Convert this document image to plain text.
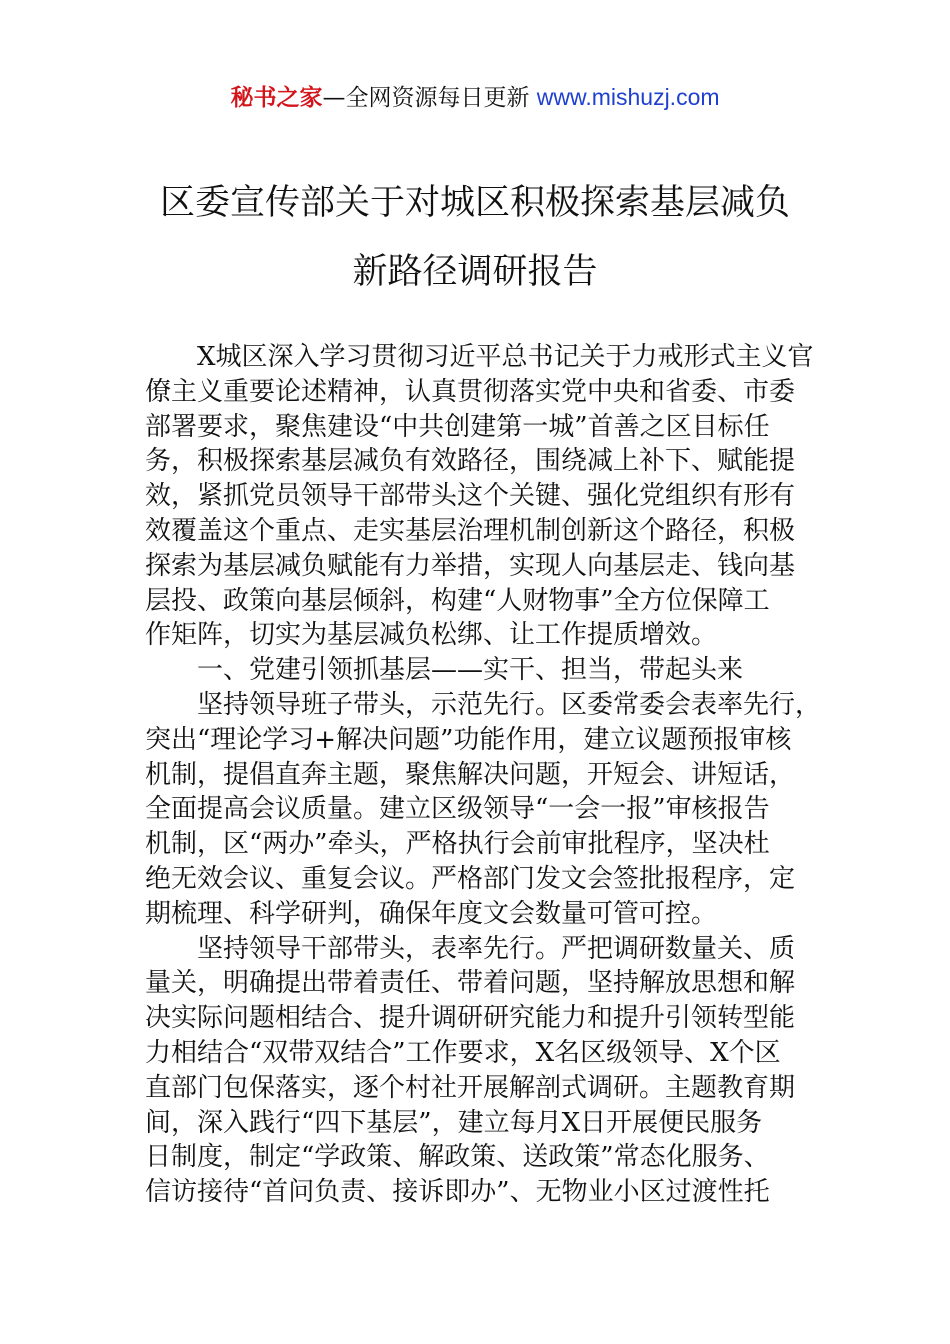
秘书之家—全网资源每日更新 www.mishuzj.com
区委宣传部关于对城区积极探索基层减负
新路径调研报告
X城区深入学习贯彻习近平总书记关于力戒形式主义官
僚主义重要论述精神，认真贯彻落实党中央和省委、市委
部署要求，聚焦建设“中共创建第一城”首善之区目标任
务，积极探索基层减负有效路径，围绕减上补下、赋能提
效，紧抓党员领导干部带头这个关键、强化党组织有形有
效覆盖这个重点、走实基层治理机制创新这个路径，积极
探索为基层减负赋能有力举措，实现人向基层走、钱向基
层投、政策向基层倾斜，构建“人财物事”全方位保障工
作矩阵，切实为基层减负松绑、让工作提质增效。
一、党建引领抓基层——实干、担当，带起头来
坚持领导班子带头，示范先行。区委常委会表率先行，
突出“理论学习+解决问题”功能作用，建立议题预报审核
机制，提倡直奔主题，聚焦解决问题，开短会、讲短话，
全面提高会议质量。建立区级领导“一会一报”审核报告
机制，区“两办”牵头，严格执行会前审批程序，坚决杜
绝无效会议、重复会议。严格部门发文会签批报程序，定
期梳理、科学研判，确保年度文会数量可管可控。
坚持领导干部带头，表率先行。严把调研数量关、质
量关，明确提出带着责任、带着问题，坚持解放思想和解
决实际问题相结合、提升调研研究能力和提升引领转型能
力相结合“双带双结合”工作要求，X名区级领导、X个区
直部门包保落实，逐个村社开展解剖式调研。主题教育期
间，深入践行“四下基层”，建立每月X日开展便民服务
日制度，制定“学政策、解政策、送政策”常态化服务、
信访接待“首问负责、接诉即办”、无物业小区过渡性托
